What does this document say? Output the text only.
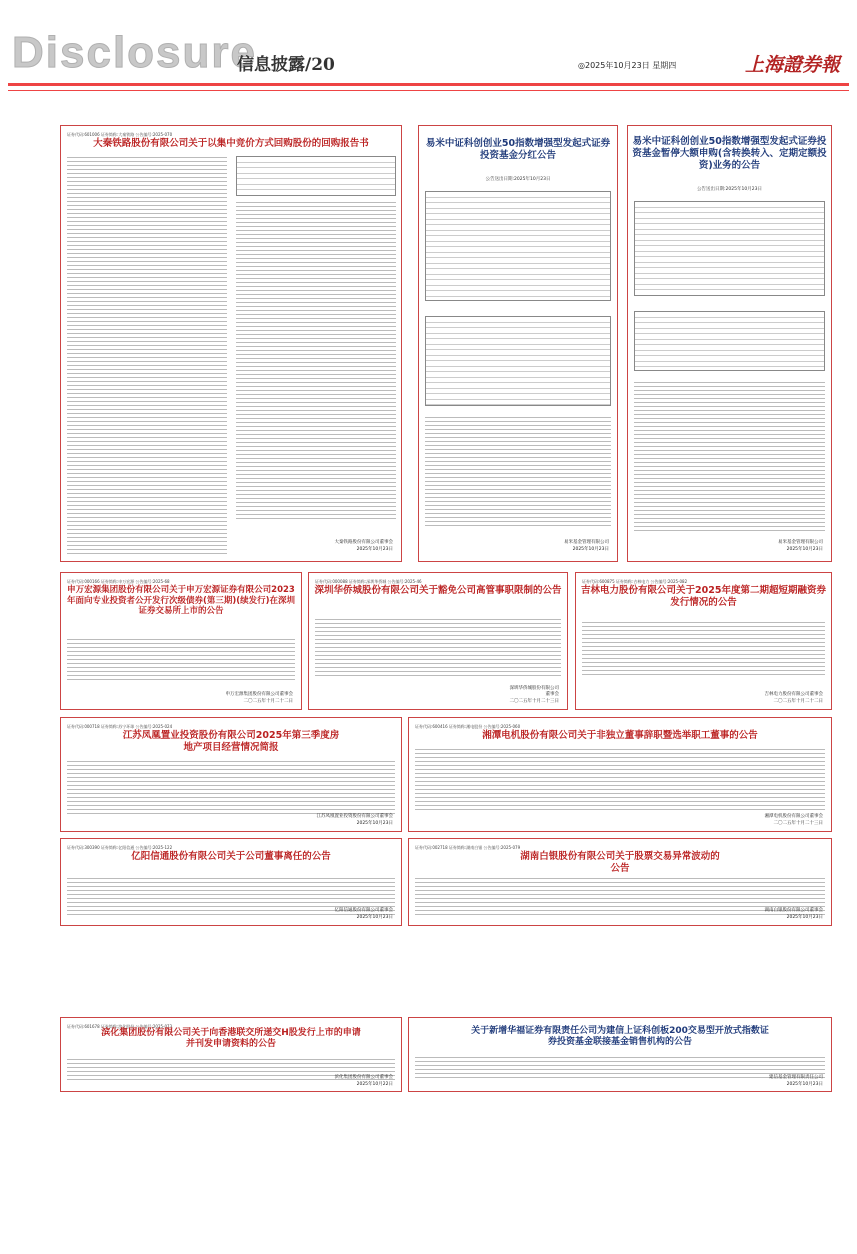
Disclosure
信息披露/20	◎2025年10月23日 星期四	上海證券報
证券代码:601006 证券简称:大秦铁路 公告编号:2025-070
大秦铁路股份有限公司关于以集中竞价方式回购股份的回购报告书
大秦铁路股份有限公司董事会
2025年10月23日
易米中证科创创业50指数增强型发起式证券投资基金分红公告
公告送出日期:2025年10月23日
易米基金管理有限公司
2025年10月23日
易米中证科创创业50指数增强型发起式证券投资基金暂停大额申购(含转换转入、定期定额投资)业务的公告
公告送出日期:2025年10月23日
易米基金管理有限公司
2025年10月23日
证券代码:000166 证券简称:申万宏源 公告编号:2025-68
申万宏源集团股份有限公司关于申万宏源证券有限公司2023年面向专业投资者公开发行次级债券(第三期)(续发行)在深圳证券交易所上市的公告
申万宏源集团股份有限公司董事会
二〇二五年十月二十二日
证券代码:000088 证券简称:深圳华侨城 公告编号:2025-46
深圳华侨城股份有限公司关于豁免公司高管事职限制的公告
深圳华侨城股份有限公司
董事会
二〇二五年十月二十三日
证券代码:600875 证券简称:吉林电力 公告编号:2025-082
吉林电力股份有限公司关于2025年度第二期超短期融资券发行情况的公告
吉林电力股份有限公司董事会
二〇二五年十月二十二日
证券代码:000718 证券简称:苏宁环球 公告编号:2025-024
江苏凤凰置业投资股份有限公司2025年第三季度房地产项目经营情况简报
江苏凤凰置业投资股份有限公司董事会
2025年10月23日
证券代码:600416 证券简称:湘电股份 公告编号:2025-060
湘潭电机股份有限公司关于非独立董事辞职暨选举职工董事的公告
湘潭电机股份有限公司董事会
二〇二五年十月二十三日
证券代码:300390 证券简称:亿阳信通 公告编号:2025-122
亿阳信通股份有限公司关于公司董事离任的公告
亿阳信通股份有限公司董事会
2025年10月23日
证券代码:002718 证券简称:湖南白银 公告编号:2025-079
湖南白银股份有限公司关于股票交易异常波动的公告
湖南白银股份有限公司董事会
2025年10月23日
证券代码:601678 证券简称:滨化股份 公告编号:2025-073
滨化集团股份有限公司关于向香港联交所递交H股发行上市的申请并刊发申请资料的公告
滨化集团股份有限公司董事会
2025年10月22日
关于新增华福证券有限责任公司为建信上证科创板200交易型开放式指数证券投资基金联接基金销售机构的公告
建信基金管理有限责任公司
2025年10月23日
